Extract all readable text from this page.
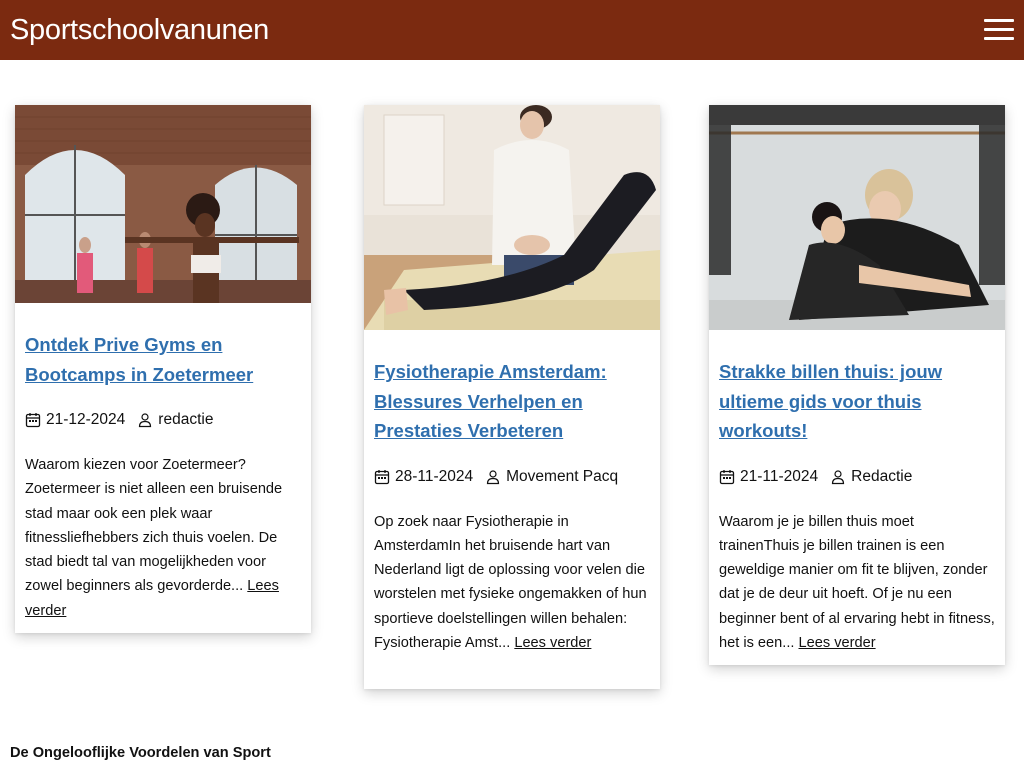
Sportschoolvanunen
Ontdek Prive Gyms en Bootcamps in Zoetermeer
21-12-2024 redactie

Waarom kiezen voor Zoetermeer? Zoetermeer is niet alleen een bruisende stad maar ook een plek waar fitnessliefhebbers zich thuis voelen. De stad biedt tal van mogelijkheden voor zowel beginners als gevorderde... Lees verder

Fysiotherapie Amsterdam: Blessures Verhelpen en Prestaties Verbeteren
28-11-2024 Movement Pacq

Op zoek naar Fysiotherapie in AmsterdamIn het bruisende hart van Nederland ligt de oplossing voor velen die worstelen met fysieke ongemakken of hun sportieve doelstellingen willen behalen: Fysiotherapie Amst... Lees verder

Strakke billen thuis: jouw ultieme gids voor thuis workouts!
21-11-2024 Redactie

Waarom je je billen thuis moet trainenThuis je billen trainen is een geweldige manier om fit te blijven, zonder dat je de deur uit hoeft. Of je nu een beginner bent of al ervaring hebt in fitness, het is een... Lees verder

De Ongelooflijke Voordelen van Sport
